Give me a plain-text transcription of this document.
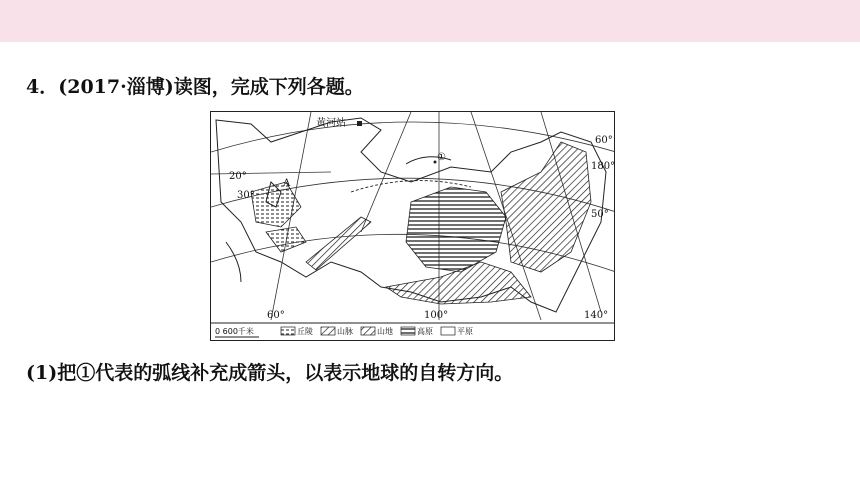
4．(2017·淄博)读图，完成下列各题。
黄河站
①
A
60°
50°
20°
30°
60°	100°	140°
180°
0 600千米	丘陵	山脉	山地	高原	平原
(1)把①代表的弧线补充成箭头，以表示地球的自转方向。
